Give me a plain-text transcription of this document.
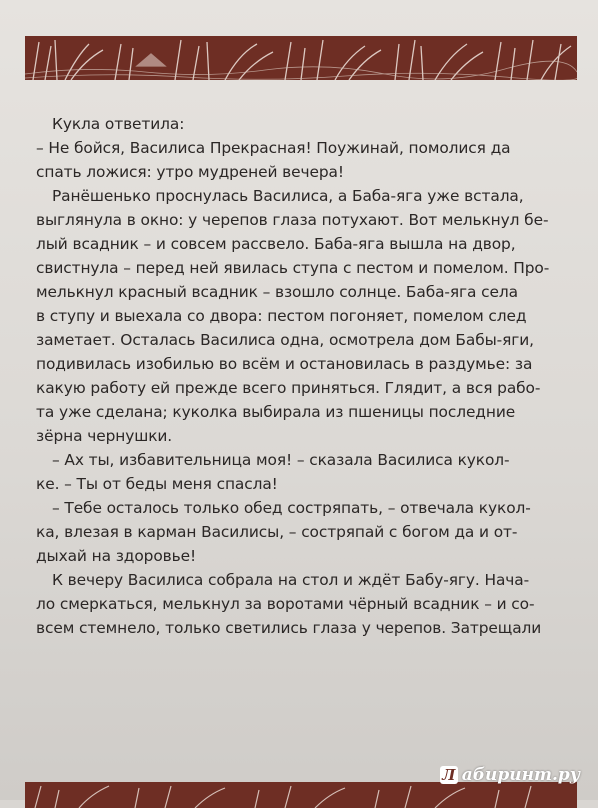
Кукла ответила:
– Не бойся, Василиса Прекрасная! Поужинай, помолися да
спать ложися: утро мудреней вечера!
Ранёшенько проснулась Василиса, а Баба-яга уже встала,
выглянула в окно: у черепов глаза потухают. Вот мелькнул бе-
лый всадник – и совсем рассвело. Баба-яга вышла на двор,
свистнула – перед ней явилась ступа с пестом и помелом. Про-
мелькнул красный всадник – взошло солнце. Баба-яга села
в ступу и выехала со двора: пестом погоняет, помелом след
заметает. Осталась Василиса одна, осмотрела дом Бабы-яги,
подивилась изобилью во всём и остановилась в раздумье: за
какую работу ей прежде всего приняться. Глядит, а вся рабо-
та уже сделана; куколка выбирала из пшеницы последние
зёрна чернушки.
– Ах ты, избавительница моя! – сказала Василиса кукол-
ке. – Ты от беды меня спасла!
– Тебе осталось только обед состряпать, – отвечала кукол-
ка, влезая в карман Василисы, – состряпай с богом да и от-
дыхай на здоровье!
К вечеру Василиса собрала на стол и ждёт Бабу-ягу. Нача-
ло смеркаться, мелькнул за воротами чёрный всадник – и со-
всем стемнело, только светились глаза у черепов. Затрещали
Л абиринт.ру
